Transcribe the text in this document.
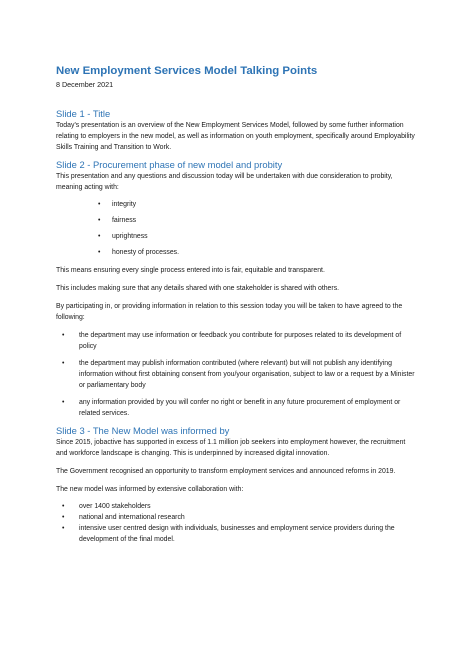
New Employment Services Model Talking Points
8 December 2021
Slide 1 - Title

Today’s presentation is an overview of the New Employment Services Model, followed by some further information relating to employers in the new model, as well as information on youth employment, specifically around Employability Skills Training and Transition to Work.

Slide 2 - Procurement phase of new model and probity

This presentation and any questions and discussion today will be undertaken with due consideration to probity, meaning acting with:

• integrity
• fairness
• uprightness
• honesty of processes.

This means ensuring every single process entered into is fair, equitable and transparent.

This includes making sure that any details shared with one stakeholder is shared with others.

By participating in, or providing information in relation to this session today you will be taken to have agreed to the following:

• the department may use information or feedback you contribute for purposes related to its development of policy
• the department may publish information contributed (where relevant) but will not publish any identifying information without first obtaining consent from you/your organisation, subject to law or a request by a Minister or parliamentary body
• any information provided by you will confer no right or benefit in any future procurement of employment or related services.
Slide 3 - The New Model was informed by

Since 2015, jobactive has supported in excess of 1.1 million job seekers into employment however, the recruitment and workforce landscape is changing. This is underpinned by increased digital innovation.

The Government recognised an opportunity to transform employment services and announced reforms in 2019.

The new model was informed by extensive collaboration with:

• over 1400 stakeholders
• national and international research
• intensive user centred design with individuals, businesses and employment service providers during the development of the final model.
